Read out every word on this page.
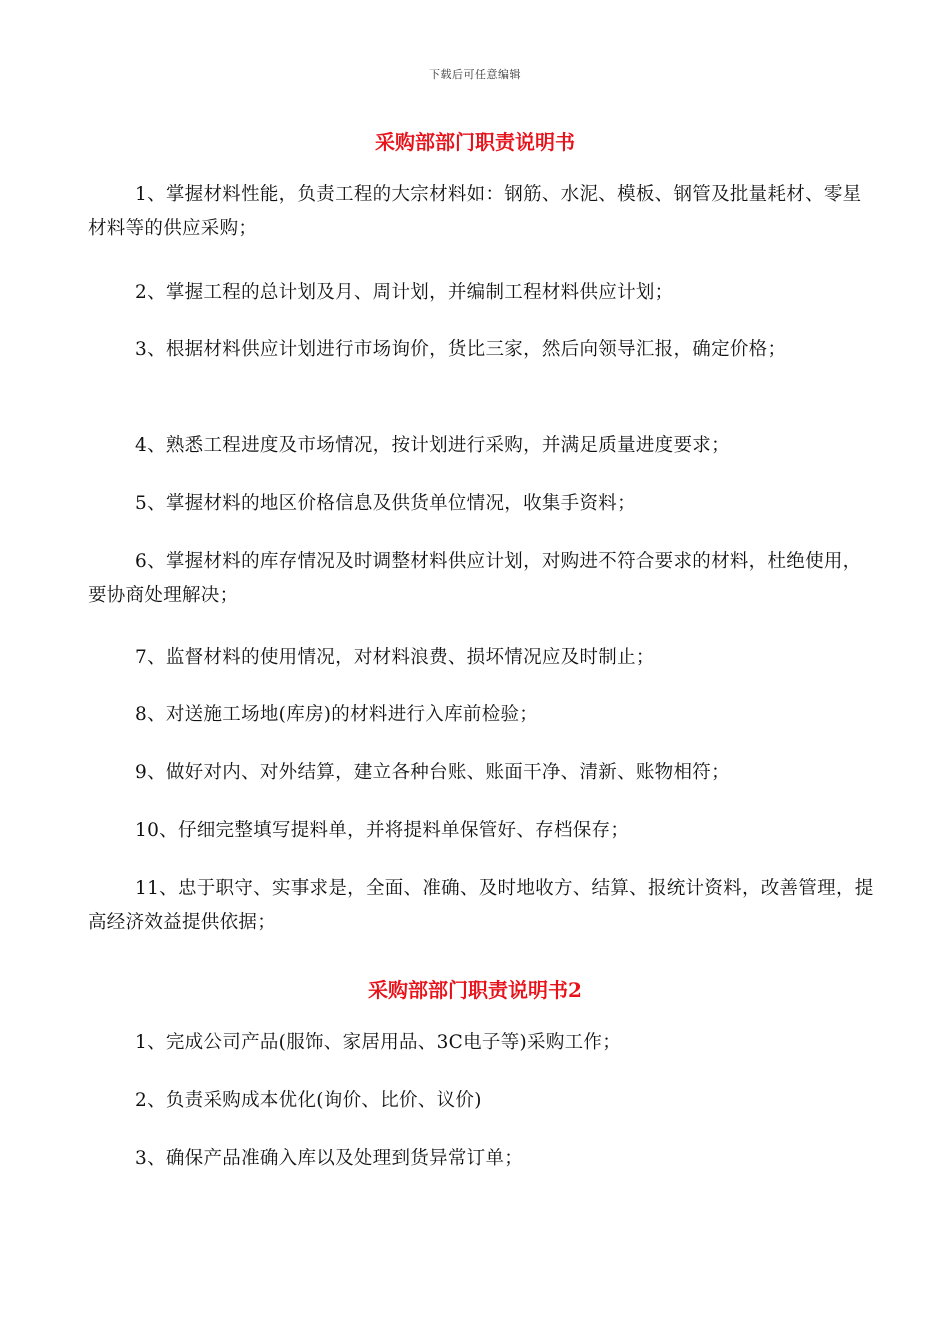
下载后可任意编辑
采购部部门职责说明书
1、掌握材料性能，负责工程的大宗材料如：钢筋、水泥、模板、钢管及批量耗材、零星材料等的供应采购；
2、掌握工程的总计划及月、周计划，并编制工程材料供应计划；
3、根据材料供应计划进行市场询价，货比三家，然后向领导汇报，确定价格；
4、熟悉工程进度及市场情况，按计划进行采购，并满足质量进度要求；
5、掌握材料的地区价格信息及供货单位情况，收集手资料；
6、掌握材料的库存情况及时调整材料供应计划，对购进不符合要求的材料，杜绝使用，要协商处理解决；
7、监督材料的使用情况，对材料浪费、损坏情况应及时制止；
8、对送施工场地(库房)的材料进行入库前检验；
9、做好对内、对外结算，建立各种台账、账面干净、清新、账物相符；
10、仔细完整填写提料单，并将提料单保管好、存档保存；
11、忠于职守、实事求是，全面、准确、及时地收方、结算、报统计资料，改善管理，提高经济效益提供依据；
采购部部门职责说明书2
1、完成公司产品(服饰、家居用品、3C电子等)采购工作；
2、负责采购成本优化(询价、比价、议价)
3、确保产品准确入库以及处理到货异常订单；
